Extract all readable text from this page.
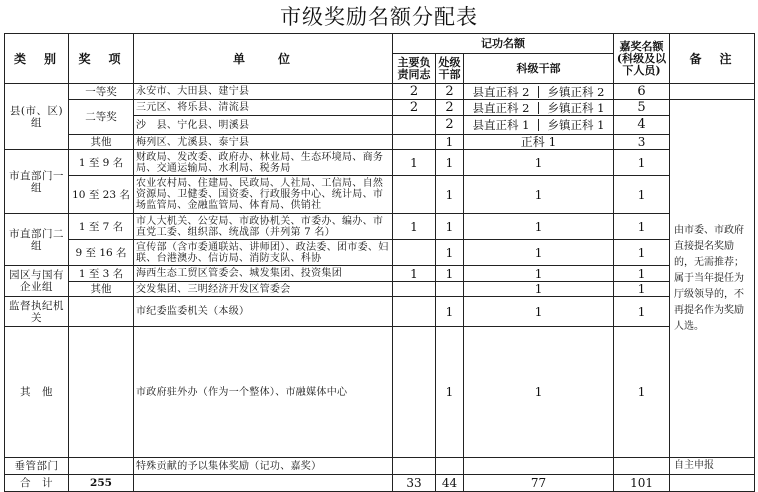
市级奖励名额分配表
类　别	奖　项	单　　位	记功名额			嘉奖名额(科级及以下人员)	备　注	
			主要负责同志	处级干部	科级干部			
县(市、区)组	一等奖	永安市、大田县、建宁县	2	2	县直正科 2 乡镇正科 2	6		
	二等奖	三元区、将乐县、清流县	2	2	县直正科 2 乡镇正科 1	5	由市委、市政府直接提名奖励的，无需推荐；属于当年提任为厅级领导的，不再提名作为奖励人选。	
		沙　县、宁化县、明溪县		2	县直正科 1 乡镇正科 1	4		
	其他	梅列区、尤溪县、泰宁县		1	正科 1	3		
市直部门一组	1 至 9 名	财政局、发改委、政府办、林业局、生态环境局、商务局、交通运输局、水利局、税务局	1	1	1	1		
	10 至 23 名	农业农村局、住建局、民政局、人社局、工信局、自然资源局、卫健委、国资委、行政服务中心、统计局、市场监管局、金融监管局、体育局、供销社		1	1	1		
市直部门二组	1 至 7 名	市人大机关、公安局、市政协机关、市委办、编办、市直党工委、组织部、统战部（并列第 7 名）	1	1	1	1		
	9 至 16 名	宣传部（含市委通联站、讲师团）、政法委、团市委、妇联、台港澳办、信访局、消防支队、科协		1	1	1		
园区与国有企业组	1 至 3 名	海西生态工贸区管委会、城发集团、投资集团	1	1	1	1		
	其他	交发集团、三明经济开发区管委会			1	1		
监督执纪机关		市纪委监委机关（本级）		1	1	1		
其　他		市政府驻外办（作为一个整体）、市融媒体中心		1	1	1	
垂管部门		特殊贡献的予以集体奖励（记功、嘉奖）					自主申报	
合　计	255		33	44	77	101		
